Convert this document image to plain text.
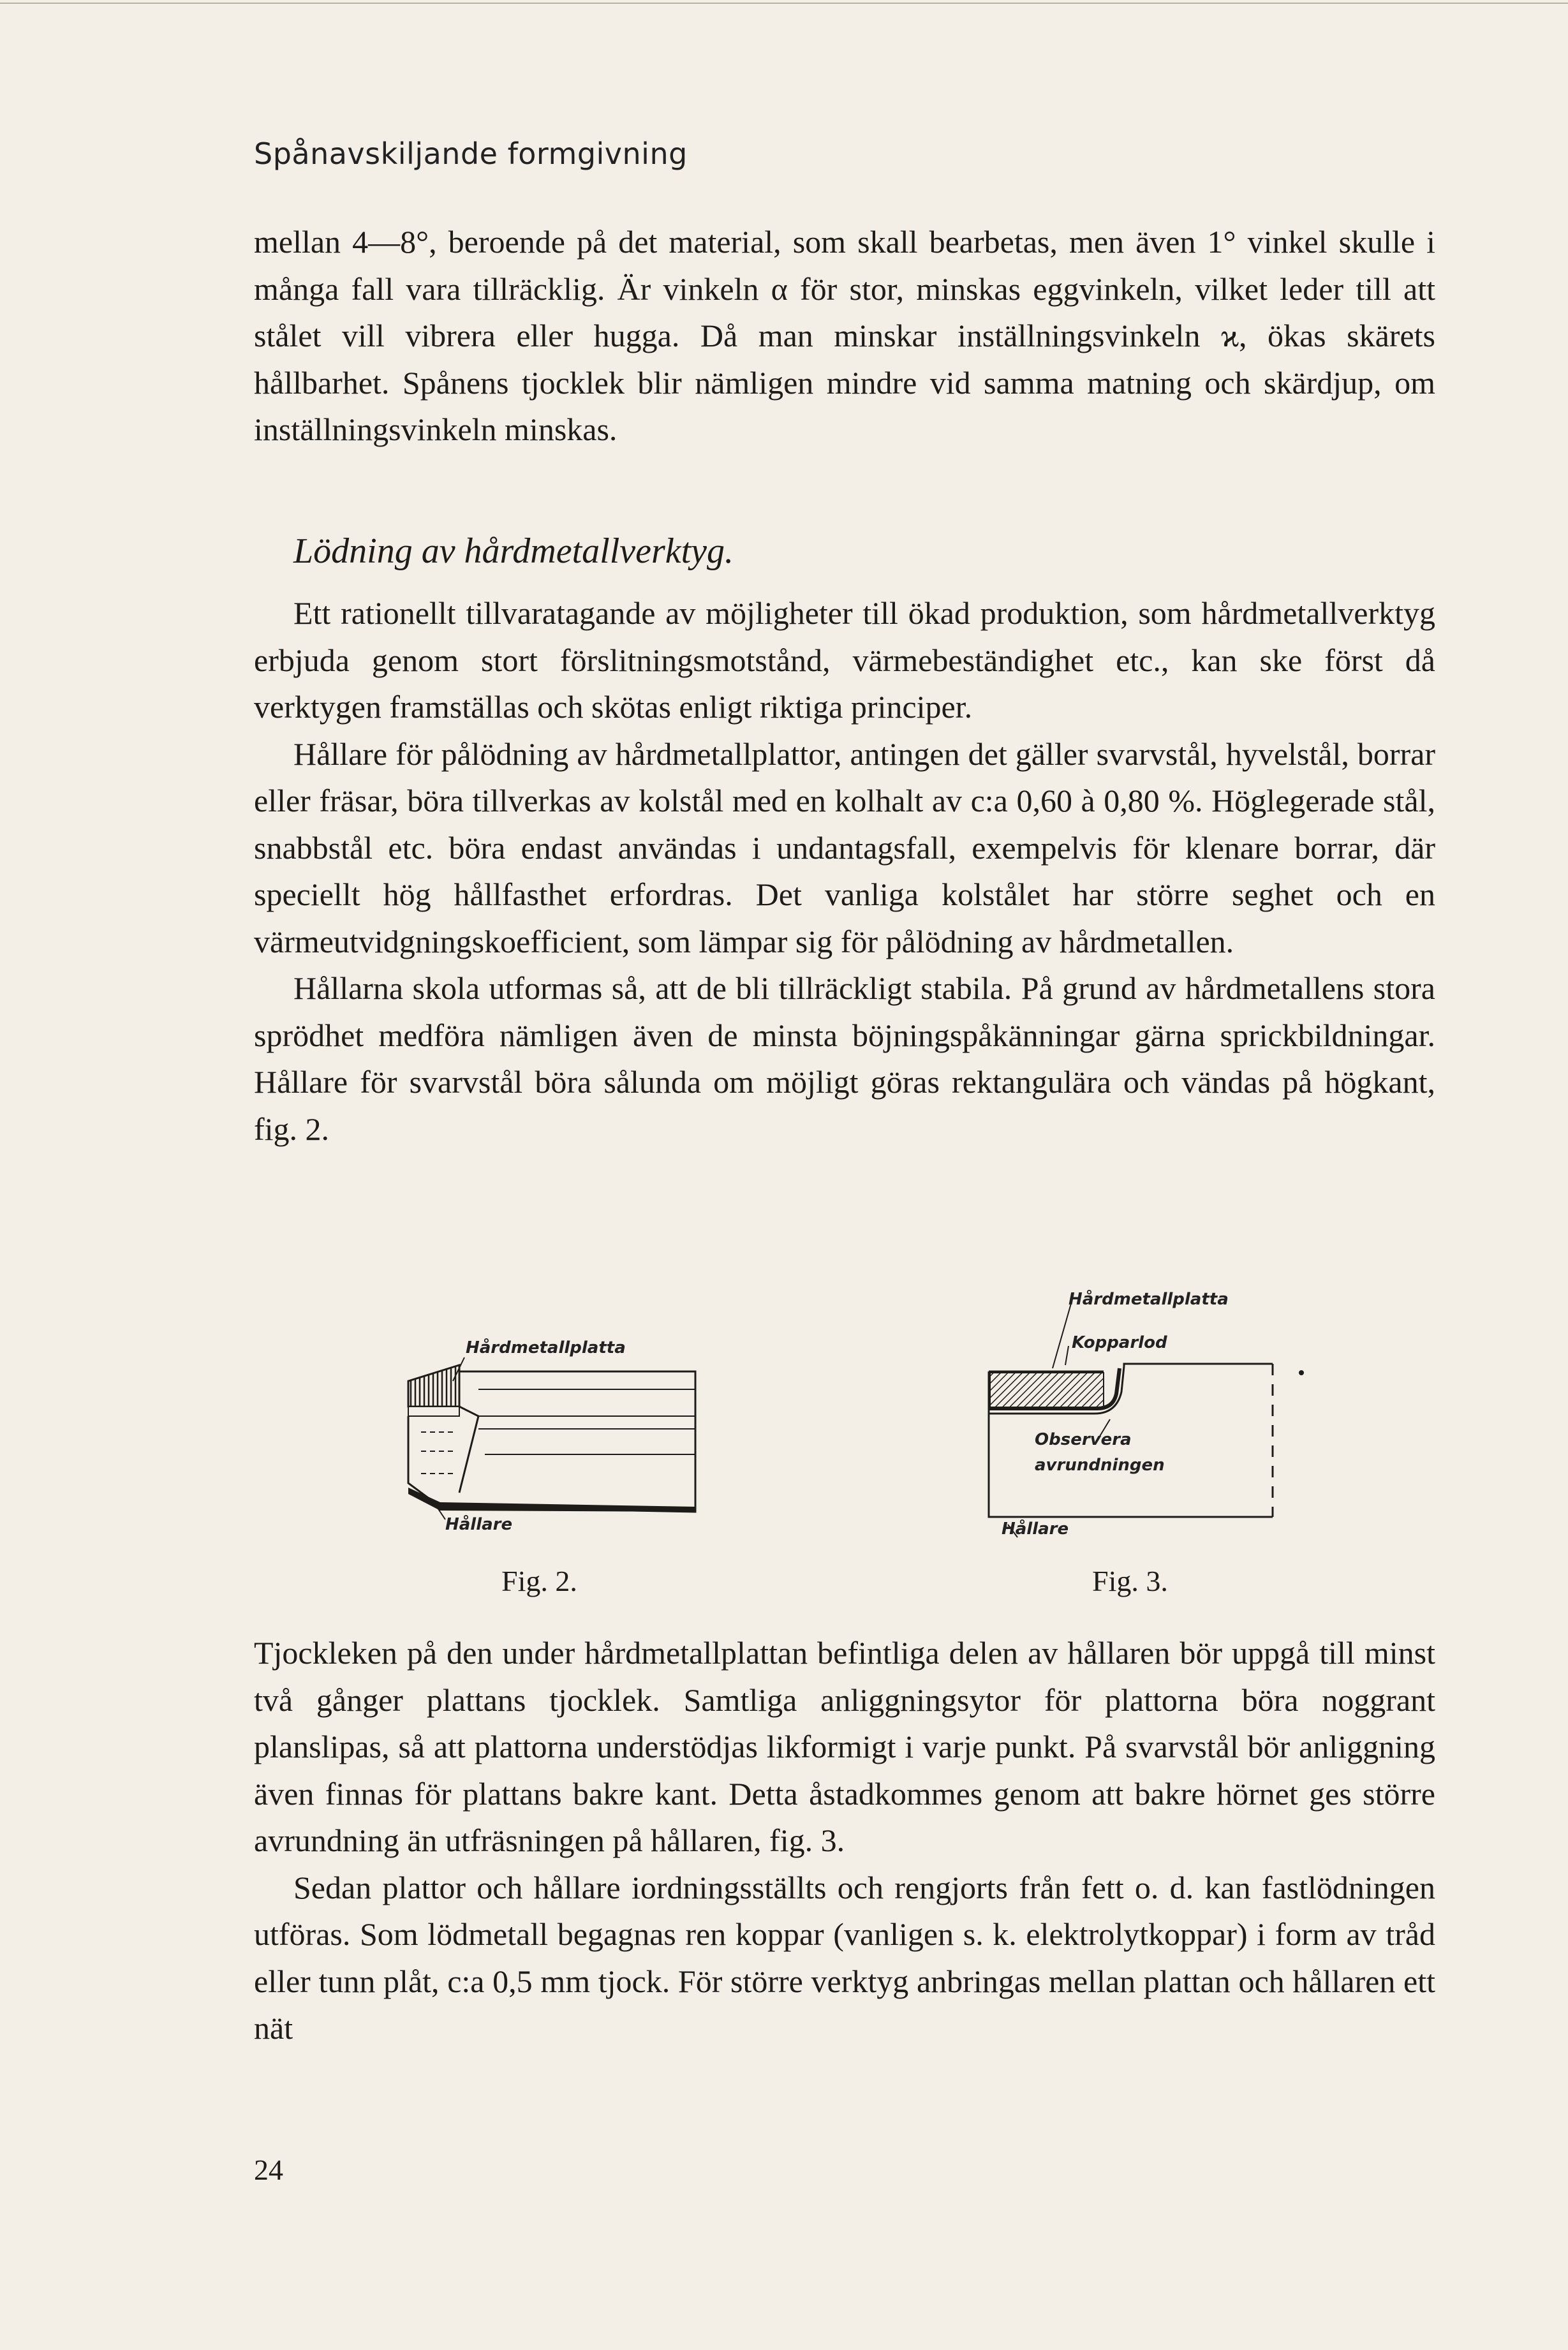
Spånavskiljande formgivning

mellan 4—8°, beroende på det material, som skall bearbetas, men även 1° vinkel skulle i många fall vara tillräcklig. Är vinkeln α för stor, minskas eggvinkeln, vilket leder till att stålet vill vibrera eller hugga. Då man minskar inställningsvinkeln ϰ, ökas skärets hållbarhet. Spånens tjocklek blir nämligen mindre vid samma matning och skärdjup, om inställningsvinkeln minskas.

Lödning av hårdmetallverktyg.

Ett rationellt tillvaratagande av möjligheter till ökad produktion, som hårdmetallverktyg erbjuda genom stort förslitningsmotstånd, värmebeständighet etc., kan ske först då verktygen framställas och skötas enligt riktiga principer.

Hållare för pålödning av hårdmetallplattor, antingen det gäller svarvstål, hyvelstål, borrar eller fräsar, böra tillverkas av kolstål med en kolhalt av c:a 0,60 à 0,80 %. Höglegerade stål, snabbstål etc. böra endast användas i undantagsfall, exempelvis för klenare borrar, där speciellt hög hållfasthet erfordras. Det vanliga kolstålet har större seghet och en värmeutvidgningskoefficient, som lämpar sig för pålödning av hårdmetallen.

Hållarna skola utformas så, att de bli tillräckligt stabila. På grund av hårdmetallens stora sprödhet medföra nämligen även de minsta böjningspåkänningar gärna sprickbildningar. Hållare för svarvstål böra sålunda om möjligt göras rektangulära och vändas på högkant, fig. 2.

Hårdmetallplatta
Hållare
Fig. 2.
Hårdmetallplatta
Kopparlod
Observera
avrundningen
Hållare
Fig. 3.

Tjockleken på den under hårdmetallplattan befintliga delen av hållaren bör uppgå till minst två gånger plattans tjocklek. Samtliga anliggningsytor för plattorna böra noggrant planslipas, så att plattorna understödjas likformigt i varje punkt. På svarvstål bör anliggning även finnas för plattans bakre kant. Detta åstadkommes genom att bakre hörnet ges större avrundning än utfräsningen på hållaren, fig. 3.

Sedan plattor och hållare iordningsställts och rengjorts från fett o. d. kan fastlödningen utföras. Som lödmetall begagnas ren koppar (vanligen s. k. elektrolytkoppar) i form av tråd eller tunn plåt, c:a 0,5 mm tjock. För större verktyg anbringas mellan plattan och hållaren ett nät

24
